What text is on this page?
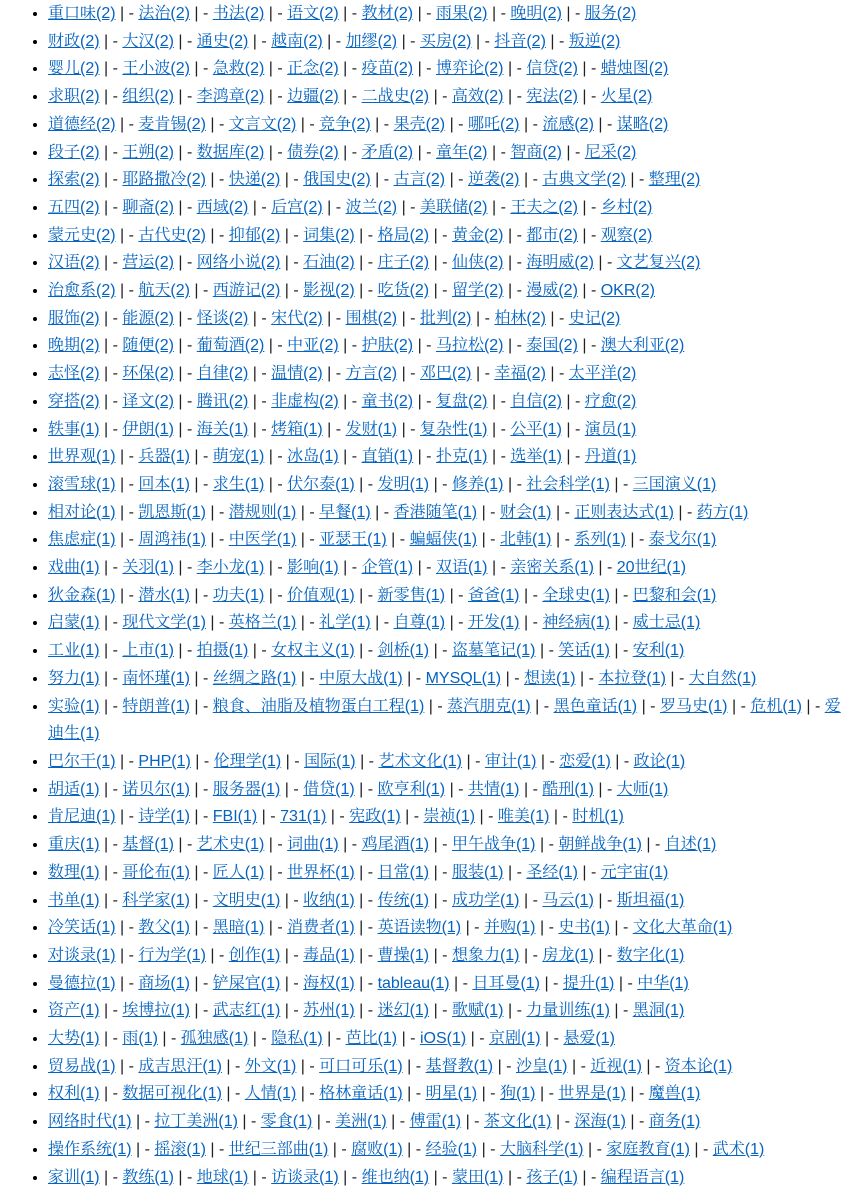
• 重口味(2) | - 法治(2) | - 书法(2) | - 语文(2) | - 教材(2) | - 雨果(2) | - 晚明(2) | - 服务(2)
• 财政(2) | - 大汉(2) | - 通史(2) | - 越南(2) | - 加缪(2) | - 买房(2) | - 抖音(2) | - 叛逆(2)
• 婴儿(2) | - 王小波(2) | - 急救(2) | - 正念(2) | - 疫苗(2) | - 博弈论(2) | - 信贷(2) | - 蜡烛图(2)
• 求职(2) | - 组织(2) | - 李鸿章(2) | - 边疆(2) | - 二战史(2) | - 高效(2) | - 宪法(2) | - 火星(2)
• 道德经(2) | - 麦肯锡(2) | - 文言文(2) | - 竞争(2) | - 果壳(2) | - 哪吒(2) | - 流感(2) | - 谋略(2)
• 段子(2) | - 王朔(2) | - 数据库(2) | - 债券(2) | - 矛盾(2) | - 童年(2) | - 智商(2) | - 尼采(2)
• 探索(2) | - 耶路撒冷(2) | - 快递(2) | - 俄国史(2) | - 古言(2) | - 逆袭(2) | - 古典文学(2) | - 整理(2)
• 五四(2) | - 聊斋(2) | - 西域(2) | - 后宫(2) | - 波兰(2) | - 美联储(2) | - 王夫之(2) | - 乡村(2)
• 蒙元史(2) | - 古代史(2) | - 抑郁(2) | - 词集(2) | - 格局(2) | - 黄金(2) | - 都市(2) | - 观察(2)
• 汉语(2) | - 营运(2) | - 网络小说(2) | - 石油(2) | - 庄子(2) | - 仙侠(2) | - 海明威(2) | - 文艺复兴(2)
• 治愈系(2) | - 航天(2) | - 西游记(2) | - 影视(2) | - 吃货(2) | - 留学(2) | - 漫威(2) | - OKR(2)
• 服饰(2) | - 能源(2) | - 怪谈(2) | - 宋代(2) | - 围棋(2) | - 批判(2) | - 柏林(2) | - 史记(2)
• 晚期(2) | - 随便(2) | - 葡萄酒(2) | - 中亚(2) | - 护肤(2) | - 马拉松(2) | - 泰国(2) | - 澳大利亚(2)
• 志怪(2) | - 环保(2) | - 自律(2) | - 温情(2) | - 方言(2) | - 邓巴(2) | - 幸福(2) | - 太平洋(2)
• 穿搭(2) | - 译文(2) | - 腾讯(2) | - 非虚构(2) | - 童书(2) | - 复盘(2) | - 自信(2) | - 疗愈(2)
• 轶事(1) | - 伊朗(1) | - 海关(1) | - 烤箱(1) | - 发财(1) | - 复杂性(1) | - 公平(1) | - 演员(1)
• 世界观(1) | - 兵器(1) | - 萌宠(1) | - 冰岛(1) | - 直销(1) | - 扑克(1) | - 选举(1) | - 丹道(1)
• 滚雪球(1) | - 回本(1) | - 求生(1) | - 伏尔泰(1) | - 发明(1) | - 修养(1) | - 社会科学(1) | - 三国演义(1)
• 相对论(1) | - 凯恩斯(1) | - 潜规则(1) | - 早餐(1) | - 香港随笔(1) | - 财会(1) | - 正则表达式(1) | - 药方(1)
• 焦虑症(1) | - 周鸿祎(1) | - 中医学(1) | - 亚瑟王(1) | - 蝙蝠侠(1) | - 北韩(1) | - 系列(1) | - 泰戈尔(1)
• 戏曲(1) | - 关羽(1) | - 李小龙(1) | - 影响(1) | - 企管(1) | - 双语(1) | - 亲密关系(1) | - 20世纪(1)
• 狄金森(1) | - 潜水(1) | - 功夫(1) | - 价值观(1) | - 新零售(1) | - 爸爸(1) | - 全球史(1) | - 巴黎和会(1)
• 启蒙(1) | - 现代文学(1) | - 英格兰(1) | - 礼学(1) | - 自尊(1) | - 开发(1) | - 神经病(1) | - 威士忌(1)
• 工业(1) | - 上市(1) | - 拍摄(1) | - 女权主义(1) | - 剑桥(1) | - 盗墓笔记(1) | - 笑话(1) | - 安利(1)
• 努力(1) | - 南怀瑾(1) | - 丝绸之路(1) | - 中原大战(1) | - MYSQL(1) | - 想读(1) | - 本拉登(1) | - 大自然(1)
• 实验(1) | - 特朗普(1) | - 粮食、油脂及植物蛋白工程(1) | - 蒸汽朋克(1) | - 黑色童话(1) | - 罗马史(1) | - 危机(1) | - 爱迪生(1)
• 巴尔干(1) | - PHP(1) | - 伦理学(1) | - 国际(1) | - 艺术文化(1) | - 审计(1) | - 恋爱(1) | - 政论(1)
• 胡适(1) | - 诺贝尔(1) | - 服务器(1) | - 借贷(1) | - 欧亨利(1) | - 共情(1) | - 酷刑(1) | - 大师(1)
• 肯尼迪(1) | - 诗学(1) | - FBI(1) | - 731(1) | - 宪政(1) | - 崇祯(1) | - 唯美(1) | - 时机(1)
• 重庆(1) | - 基督(1) | - 艺术史(1) | - 词曲(1) | - 鸡尾酒(1) | - 甲午战争(1) | - 朝鲜战争(1) | - 自述(1)
• 数理(1) | - 哥伦布(1) | - 匠人(1) | - 世界杯(1) | - 日常(1) | - 服装(1) | - 圣经(1) | - 元宇宙(1)
• 书单(1) | - 科学家(1) | - 文明史(1) | - 收纳(1) | - 传统(1) | - 成功学(1) | - 马云(1) | - 斯坦福(1)
• 冷笑话(1) | - 教父(1) | - 黑暗(1) | - 消费者(1) | - 英语读物(1) | - 并购(1) | - 史书(1) | - 文化大革命(1)
• 对谈录(1) | - 行为学(1) | - 创作(1) | - 毒品(1) | - 曹操(1) | - 想象力(1) | - 房龙(1) | - 数字化(1)
• 曼德拉(1) | - 商场(1) | - 铲屎官(1) | - 海权(1) | - tableau(1) | - 日耳曼(1) | - 提升(1) | - 中华(1)
• 资产(1) | - 埃博拉(1) | - 武志红(1) | - 苏州(1) | - 迷幻(1) | - 歌赋(1) | - 力量训练(1) | - 黑洞(1)
• 大势(1) | - 雨(1) | - 孤独感(1) | - 隐私(1) | - 芭比(1) | - iOS(1) | - 京剧(1) | - 悬爱(1)
• 贸易战(1) | - 成吉思汗(1) | - 外文(1) | - 可口可乐(1) | - 基督教(1) | - 沙皇(1) | - 近视(1) | - 资本论(1)
• 权利(1) | - 数据可视化(1) | - 人情(1) | - 格林童话(1) | - 明星(1) | - 狗(1) | - 世界是(1) | - 魔兽(1)
• 网络时代(1) | - 拉丁美洲(1) | - 零食(1) | - 美洲(1) | - 傅雷(1) | - 茶文化(1) | - 深海(1) | - 商务(1)
• 操作系统(1) | - 摇滚(1) | - 世纪三部曲(1) | - 腐败(1) | - 经验(1) | - 大脑科学(1) | - 家庭教育(1) | - 武术(1)
• 家训(1) | - 教练(1) | - 地球(1) | - 访谈录(1) | - 维也纳(1) | - 蒙田(1) | - 孩子(1) | - 编程语言(1)
